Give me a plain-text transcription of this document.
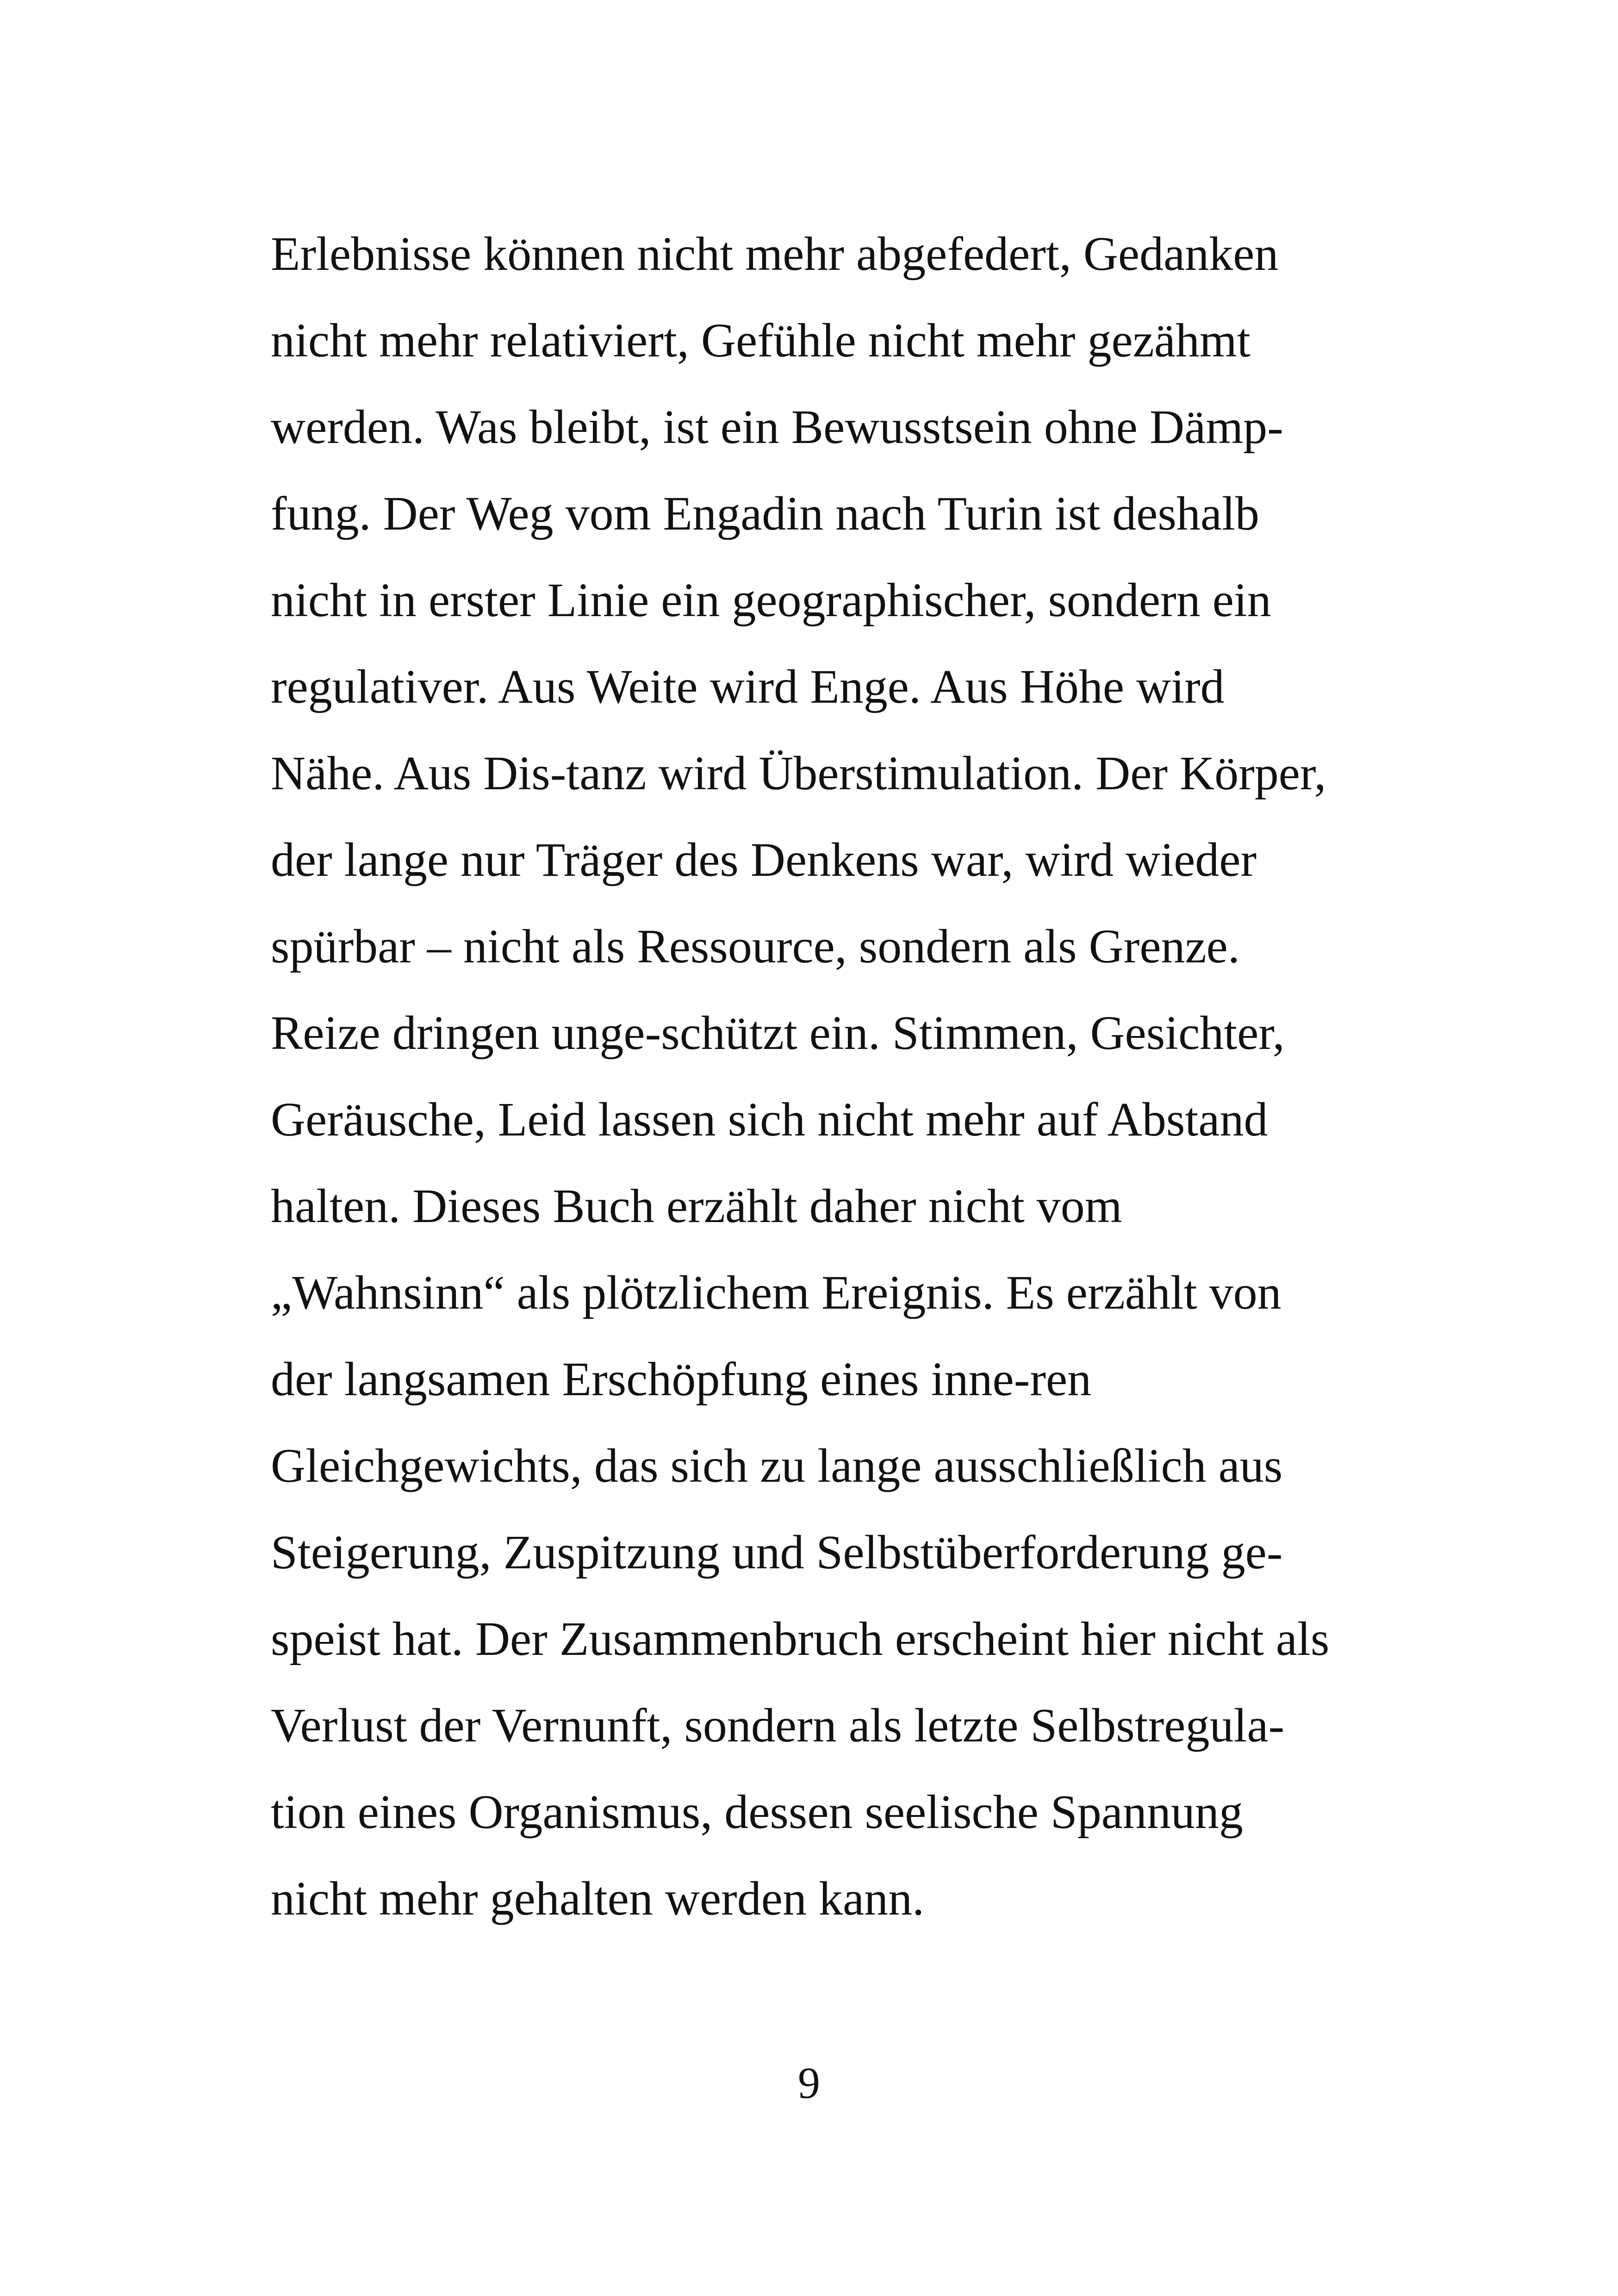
Erlebnisse können nicht mehr abgefedert, Gedanken
nicht mehr relativiert, Gefühle nicht mehr gezähmt
werden. Was bleibt, ist ein Bewusstsein ohne Dämp-
fung. Der Weg vom Engadin nach Turin ist deshalb
nicht in erster Linie ein geographischer, sondern ein
regulativer. Aus Weite wird Enge. Aus Höhe wird
Nähe. Aus Dis-tanz wird Überstimulation. Der Körper,
der lange nur Träger des Denkens war, wird wieder
spürbar – nicht als Ressource, sondern als Grenze.
Reize dringen unge-schützt ein. Stimmen, Gesichter,
Geräusche, Leid lassen sich nicht mehr auf Abstand
halten. Dieses Buch erzählt daher nicht vom
„Wahnsinn“ als plötzlichem Ereignis. Es erzählt von
der langsamen Erschöpfung eines inne-ren
Gleichgewichts, das sich zu lange ausschließlich aus
Steigerung, Zuspitzung und Selbstüberforderung ge-
speist hat. Der Zusammenbruch erscheint hier nicht als
Verlust der Vernunft, sondern als letzte Selbstregula-
tion eines Organismus, dessen seelische Spannung
nicht mehr gehalten werden kann.
9
